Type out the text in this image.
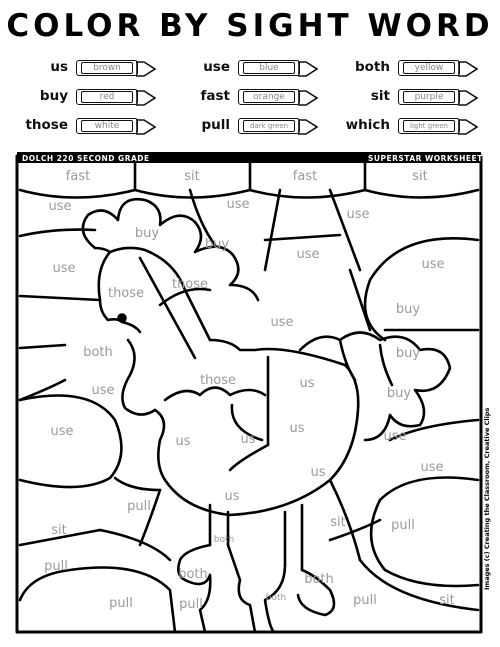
COLOR BY SIGHT WORD
us	brown
buy	red
those	white
use	blue
fast	orange
pull	dark green
both	yellow
sit	purple
which	light green
DOLCH 220 SECOND GRADE	SUPERSTAR WORKSHEETS
Images (c) Creating the Classroom, Creative Clips
fast	sit	fast	sit
use	use
use
buy
buy
use
use
those
those
use
buy
use
both
those
buy
us
buy
use
use
us	us
us
use
use
us
us
pull
sit	pull
sit
both
pull
both	both
pull	pull	both	pull	sit
